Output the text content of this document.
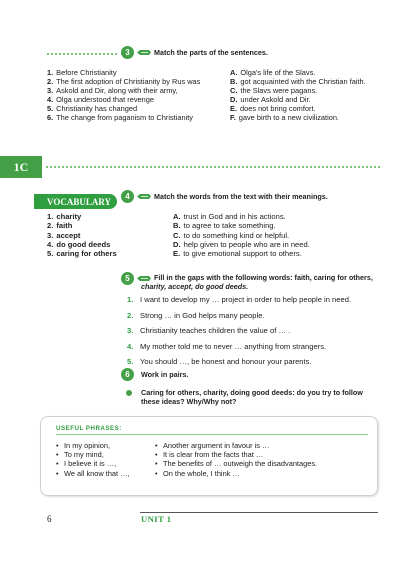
3	Match the parts of the sentences.
1. Before Christianity
2. The first adoption of Christianity by Rus was
3. Askold and Dir, along with their army,
4. Olga understood that revenge
5. Christianity has changed
6. The change from paganism to Christianity
A. Olga's life of the Slavs.
B. got acquainted with the Christian faith.
C. the Slavs were pagans.
D. under Askold and Dir.
E. does not bring comfort.
F. gave birth to a new civilization.
1C
VOCABULARY	4	Match the words from the text with their meanings.
1. charity
2. faith
3. accept
4. do good deeds
5. caring for others
A. trust in God and in his actions.
B. to agree to take something.
C. to do something kind or helpful.
D. help given to people who are in need.
E. to give emotional support to others.
5	Fill in the gaps with the following words: faith, caring for others,
charity, accept, do good deeds.
1. I want to develop my … project in order to help people in need.
2. Strong … in God helps many people.
3. Christianity teaches children the value of … .
4. My mother told me to never … anything from strangers.
5. You should …, be honest and honour your parents.
6	Work in pairs.
Caring for others, charity, doing good deeds: do you try to follow
these ideas? Why/Why not?
USEFUL PHRASES:
• In my opinion,
• To my mind,
• I believe it is …,
• We all know that …,
• Another argument in favour is …
• It is clear from the facts that …
• The benefits of … outweigh the disadvantages.
• On the whole, I think …
6	UNIT 1
